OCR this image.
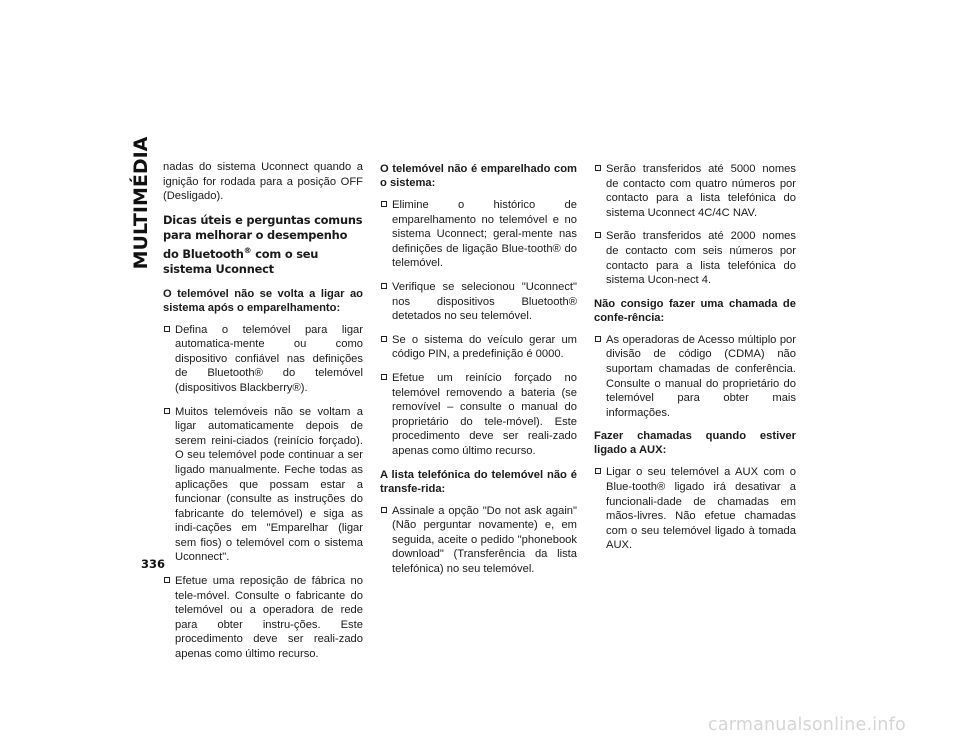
MULTIMÉDIA nadas do sistema Uconnect quando a ignição for rodada para a posição OFF (Desligado).

Dicas úteis e perguntas comuns para melhorar o desempenho do Bluetooth® com o seu sistema Uconnect
O telemóvel não se volta a ligar ao sistema após o emparelhamento:
Defina o telemóvel para ligar automatica-mente ou como dispositivo confiável nas definições de Bluetooth® do telemóvel (dispositivos Blackberry®).
Muitos telemóveis não se voltam a ligar automaticamente depois de serem reini-ciados (reinício forçado). O seu telemóvel pode continuar a ser ligado manualmente. Feche todas as aplicações que possam estar a funcionar (consulte as instruções do fabricante do telemóvel) e siga as indi-cações em "Emparelhar (ligar sem fios) o telemóvel com o sistema Uconnect".
Efetue uma reposição de fábrica no tele-móvel. Consulte o fabricante do telemóvel ou a operadora de rede para obter instru-ções. Este procedimento deve ser reali-zado apenas como último recurso.
O telemóvel não é emparelhado com o sistema:
Elimine o histórico de emparelhamento no telemóvel e no sistema Uconnect; geral-mente nas definições de ligação Blue-tooth® do telemóvel.
Verifique se selecionou "Uconnect" nos dispositivos Bluetooth® detetados no seu telemóvel.
Se o sistema do veículo gerar um código PIN, a predefinição é 0000.
Efetue um reinício forçado no telemóvel removendo a bateria (se removível – consulte o manual do proprietário do tele-móvel). Este procedimento deve ser reali-zado apenas como último recurso.
A lista telefónica do telemóvel não é transfe-rida:
Assinale a opção "Do not ask again" (Não perguntar novamente) e, em seguida, aceite o pedido "phonebook download" (Transferência da lista telefónica) no seu telemóvel.
Serão transferidos até 5000 nomes de contacto com quatro números por contacto para a lista telefónica do sistema Uconnect 4C/4C NAV.
Serão transferidos até 2000 nomes de contacto com seis números por contacto para a lista telefónica do sistema Ucon-nect 4.
Não consigo fazer uma chamada de confe-rência:
As operadoras de Acesso múltiplo por divisão de código (CDMA) não suportam chamadas de conferência. Consulte o manual do proprietário do telemóvel para obter mais informações.
Fazer chamadas quando estiver ligado a AUX:
Ligar o seu telemóvel a AUX com o Blue-tooth® ligado irá desativar a funcionali-dade de chamadas em mãos-livres. Não efetue chamadas com o seu telemóvel ligado à tomada AUX.
336
carmanualsonline.info
